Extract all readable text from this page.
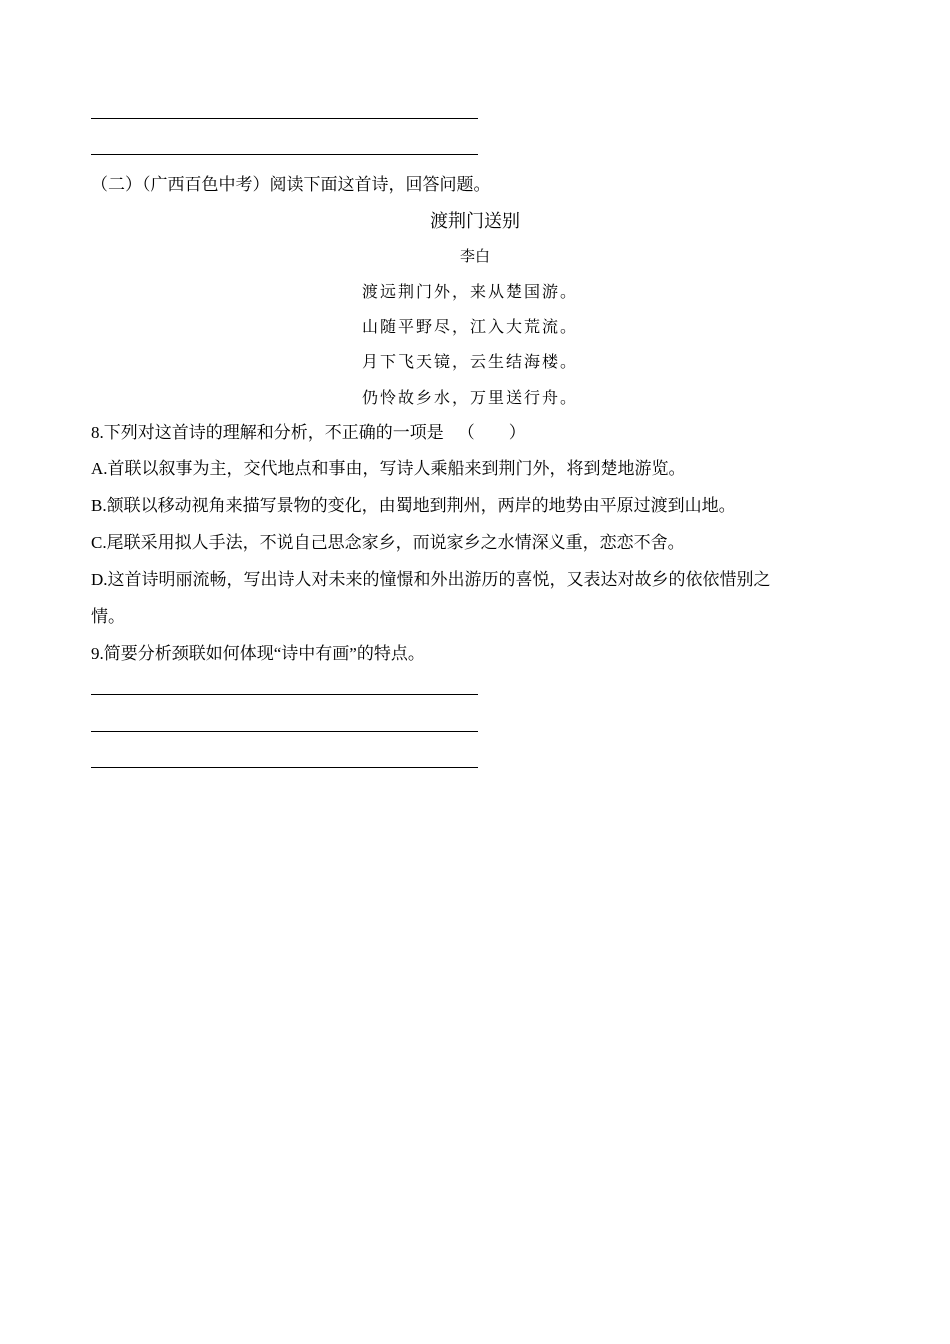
（二）（广西百色中考）阅读下面这首诗，回答问题。
渡荆门送别
李白
渡远荆门外，来从楚国游。
山随平野尽，江入大荒流。
月下飞天镜，云生结海楼。
仍怜故乡水，万里送行舟。
8.下列对这首诗的理解和分析，不正确的一项是 （　　）
A.首联以叙事为主，交代地点和事由，写诗人乘船来到荆门外，将到楚地游览。
B.颔联以移动视角来描写景物的变化，由蜀地到荆州，两岸的地势由平原过渡到山地。
C.尾联采用拟人手法，不说自己思念家乡，而说家乡之水情深义重，恋恋不舍。
D.这首诗明丽流畅，写出诗人对未来的憧憬和外出游历的喜悦，又表达对故乡的依依惜别之
情。
9.简要分析颈联如何体现“诗中有画”的特点。
